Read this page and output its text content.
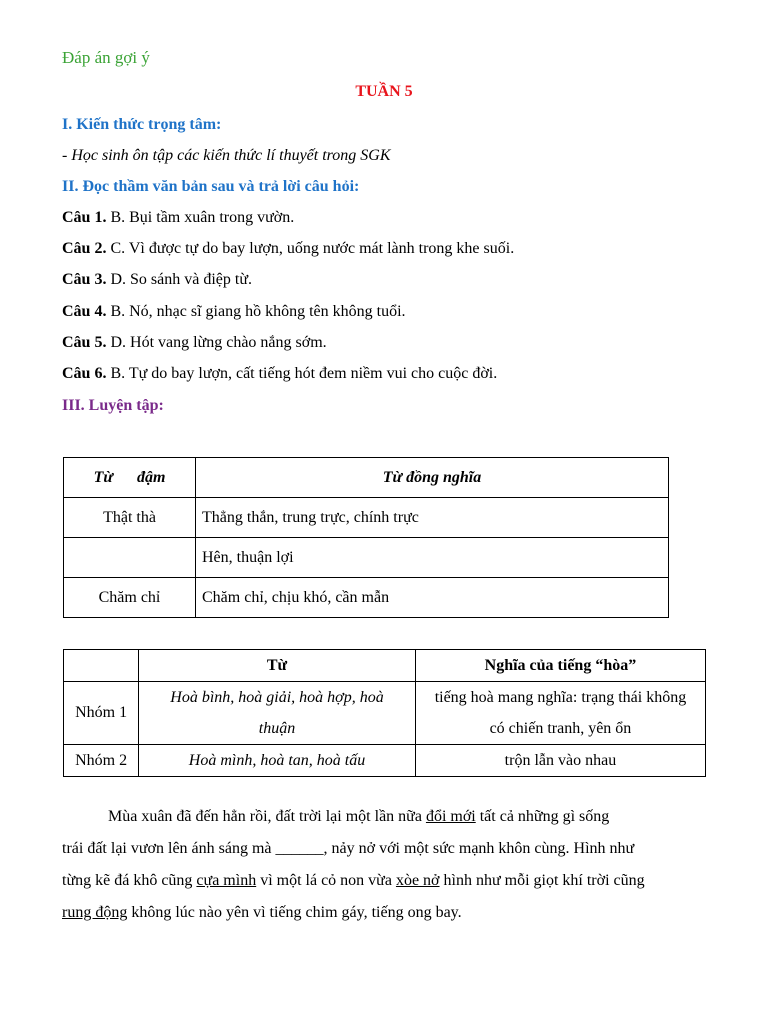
Đáp án gợi ý
TUẦN 5
I. Kiến thức trọng tâm:
- Học sinh ôn tập các kiến thức lí thuyết trong SGK
II. Đọc thầm văn bản sau và trả lời câu hỏi:
Câu 1. B. Bụi tầm xuân trong vườn.
Câu 2. C. Vì được tự do bay lượn, uống nước mát lành trong khe suối.
Câu 3. D. So sánh và điệp từ.
Câu 4. B. Nó, nhạc sĩ giang hồ không tên không tuổi.
Câu 5. D. Hót vang lừng chào nắng sớm.
Câu 6. B. Tự do bay lượn, cất tiếng hót đem niềm vui cho cuộc đời.
III. Luyện tập:
Từ      đậm	Từ đồng nghĩa
Thật thà	Thẳng thắn, trung trực, chính trực
	Hên, thuận lợi
Chăm chỉ	Chăm chỉ, chịu khó, cần mẫn
	Từ	Nghĩa của tiếng “hòa”
Nhóm 1	Hoà bình, hoà giải, hoà hợp, hoà thuận	tiếng hoà mang nghĩa: trạng thái không có chiến tranh, yên ổn
Nhóm 2	Hoà mình, hoà tan, hoà tấu	trộn lẫn vào nhau
Mùa xuân đã đến hẳn rồi, đất trời lại một lần nữa đổi mới tất cả những gì sống
trái đất lại vươn lên ánh sáng mà ______, nảy nở với một sức mạnh khôn cùng. Hình như
từng kẽ đá khô cũng cựa mình vì một lá cỏ non vừa xòe nở hình như mỗi giọt khí trời cũng
rung động không lúc nào yên vì tiếng chim gáy, tiếng ong bay.
